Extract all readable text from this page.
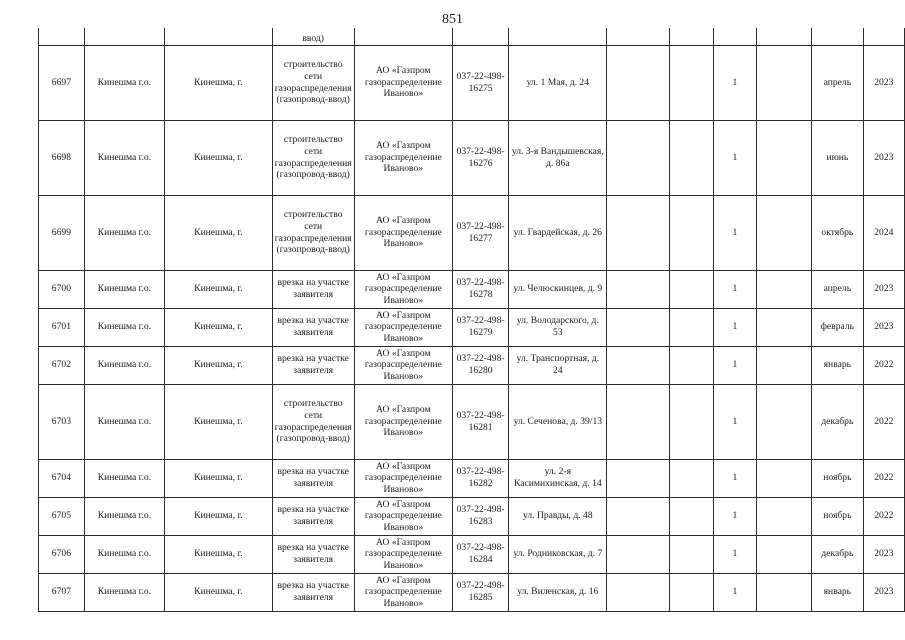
851
			ввод)									
6697	Кинешма г.о.	Кинешма, г.	строительство сети газораспределения (газопровод-ввод)	АО «Газпром газораспределение Иваново»	037-22-498-16275	ул. 1 Мая, д. 24			1		апрель	2023
6698	Кинешма г.о.	Кинешма, г.	строительство сети газораспределения (газопровод-ввод)	АО «Газпром газораспределение Иваново»	037-22-498-16276	ул. 3-я Вандышевская, д. 86а			1		июнь	2023
6699	Кинешма г.о.	Кинешма, г.	строительство сети газораспределения (газопровод-ввод)	АО «Газпром газораспределение Иваново»	037-22-498-16277	ул. Гвардейская, д. 26			1		октябрь	2024
6700	Кинешма г.о.	Кинешма, г.	врезка на участке заявителя	АО «Газпром газораспределение Иваново»	037-22-498-16278	ул. Челюскинцев, д. 9			1		апрель	2023
6701	Кинешма г.о.	Кинешма, г.	врезка на участке заявителя	АО «Газпром газораспределение Иваново»	037-22-498-16279	ул. Володарского, д. 53			1		февраль	2023
6702	Кинешма г.о.	Кинешма, г.	врезка на участке заявителя	АО «Газпром газораспределение Иваново»	037-22-498-16280	ул. Транспортная, д. 24			1		январь	2022
6703	Кинешма г.о.	Кинешма, г.	строительство сети газораспределения (газопровод-ввод)	АО «Газпром газораспределение Иваново»	037-22-498-16281	ул. Сеченова, д. 39/13			1		декабрь	2022
6704	Кинешма г.о.	Кинешма, г.	врезка на участке заявителя	АО «Газпром газораспределение Иваново»	037-22-498-16282	ул. 2-я Касимихинская, д. 14			1		ноябрь	2022
6705	Кинешма г.о.	Кинешма, г.	врезка на участке заявителя	АО «Газпром газораспределение Иваново»	037-22-498-16283	ул. Правды, д. 48			1		ноябрь	2022
6706	Кинешма г.о.	Кинешма, г.	врезка на участке заявителя	АО «Газпром газораспределение Иваново»	037-22-498-16284	ул. Родниковская, д. 7			1		декабрь	2023
6707	Кинешма г.о.	Кинешма, г.	врезка на участке заявителя	АО «Газпром газораспределение Иваново»	037-22-498-16285	ул. Виленская, д. 16			1		январь	2023
